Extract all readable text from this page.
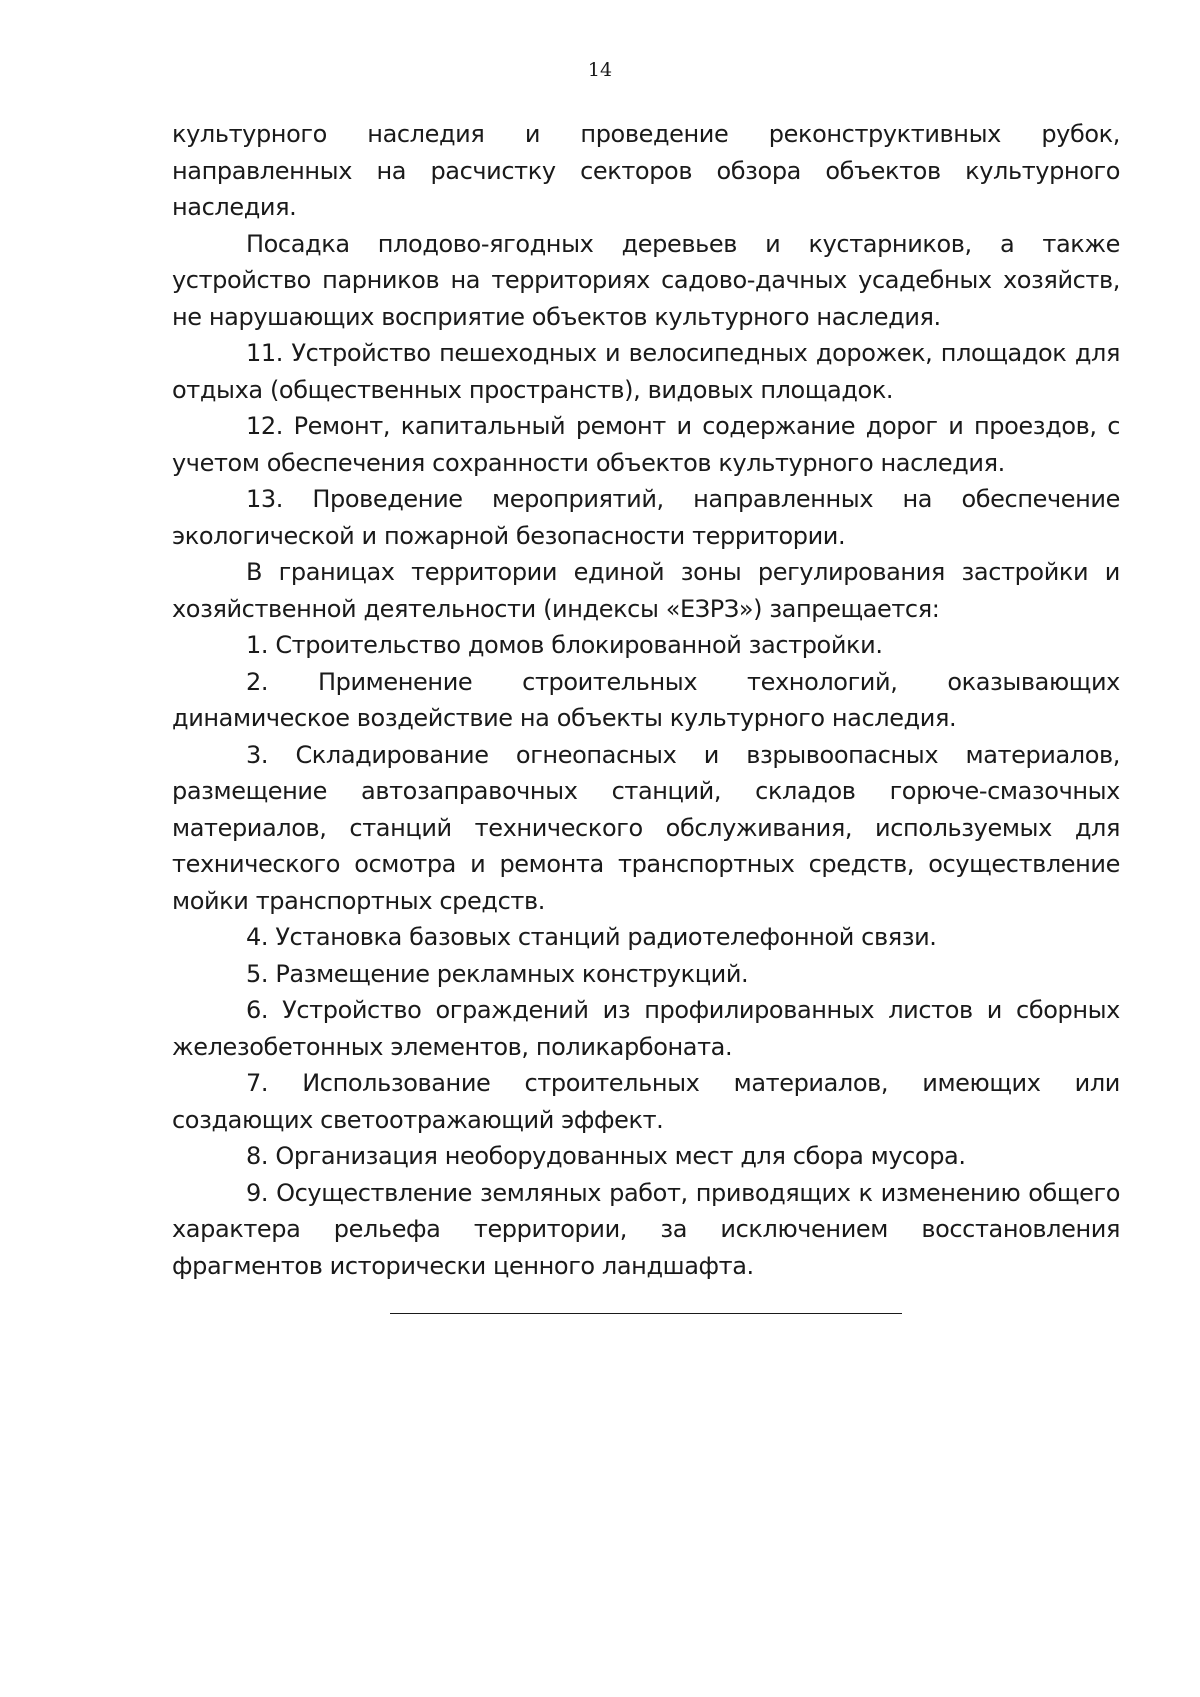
14

культурного наследия и проведение реконструктивных рубок, направленных на расчистку секторов обзора объектов культурного наследия.

Посадка плодово-ягодных деревьев и кустарников, а также устройство парников на территориях садово-дачных усадебных хозяйств, не нарушающих восприятие объектов культурного наследия.

11. Устройство пешеходных и велосипедных дорожек, площадок для отдыха (общественных пространств), видовых площадок.

12. Ремонт, капитальный ремонт и содержание дорог и проездов, с учетом обеспечения сохранности объектов культурного наследия.

13. Проведение мероприятий, направленных на обеспечение экологической и пожарной безопасности территории.

В границах территории единой зоны регулирования застройки и хозяйственной деятельности (индексы «ЕЗРЗ») запрещается:

1. Строительство домов блокированной застройки.

2. Применение строительных технологий, оказывающих динамическое воздействие на объекты культурного наследия.

3. Складирование огнеопасных и взрывоопасных материалов, размещение автозаправочных станций, складов горюче-смазочных материалов, станций технического обслуживания, используемых для технического осмотра и ремонта транспортных средств, осуществление мойки транспортных средств.

4. Установка базовых станций радиотелефонной связи.

5. Размещение рекламных конструкций.

6. Устройство ограждений из профилированных листов и сборных железобетонных элементов, поликарбоната.

7. Использование строительных материалов, имеющих или создающих светоотражающий эффект.

8. Организация необорудованных мест для сбора мусора.

9. Осуществление земляных работ, приводящих к изменению общего характера рельефа территории, за исключением восстановления фрагментов исторически ценного ландшафта.
